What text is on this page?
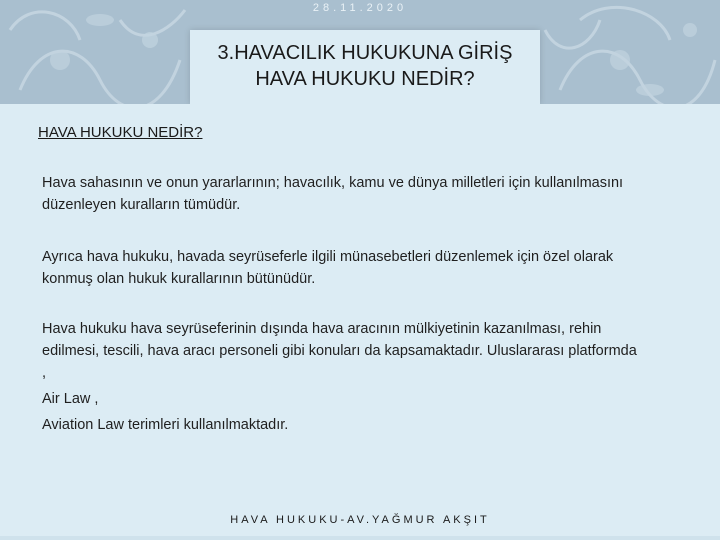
28.11.2020
3.HAVACILIK HUKUKUNA GİRİŞ
HAVA HUKUKU NEDİR?
HAVA HUKUKU NEDİR?
Hava sahasının ve onun yararlarının; havacılık, kamu ve dünya milletleri için kullanılmasını düzenleyen kuralların tümüdür.
Ayrıca hava hukuku, havada seyrüseferle ilgili münasebetleri düzenlemek için özel olarak konmuş olan hukuk kurallarının bütünüdür.
Hava hukuku hava seyrüseferinin dışında hava aracının mülkiyetinin kazanılması, rehin edilmesi, tescili, hava aracı personeli gibi konuları da kapsamaktadır. Uluslararası platformda ,
Air Law ,
Aviation Law terimleri kullanılmaktadır.
HAVA HUKUKU-AV.YAĞMUR AKŞIT
